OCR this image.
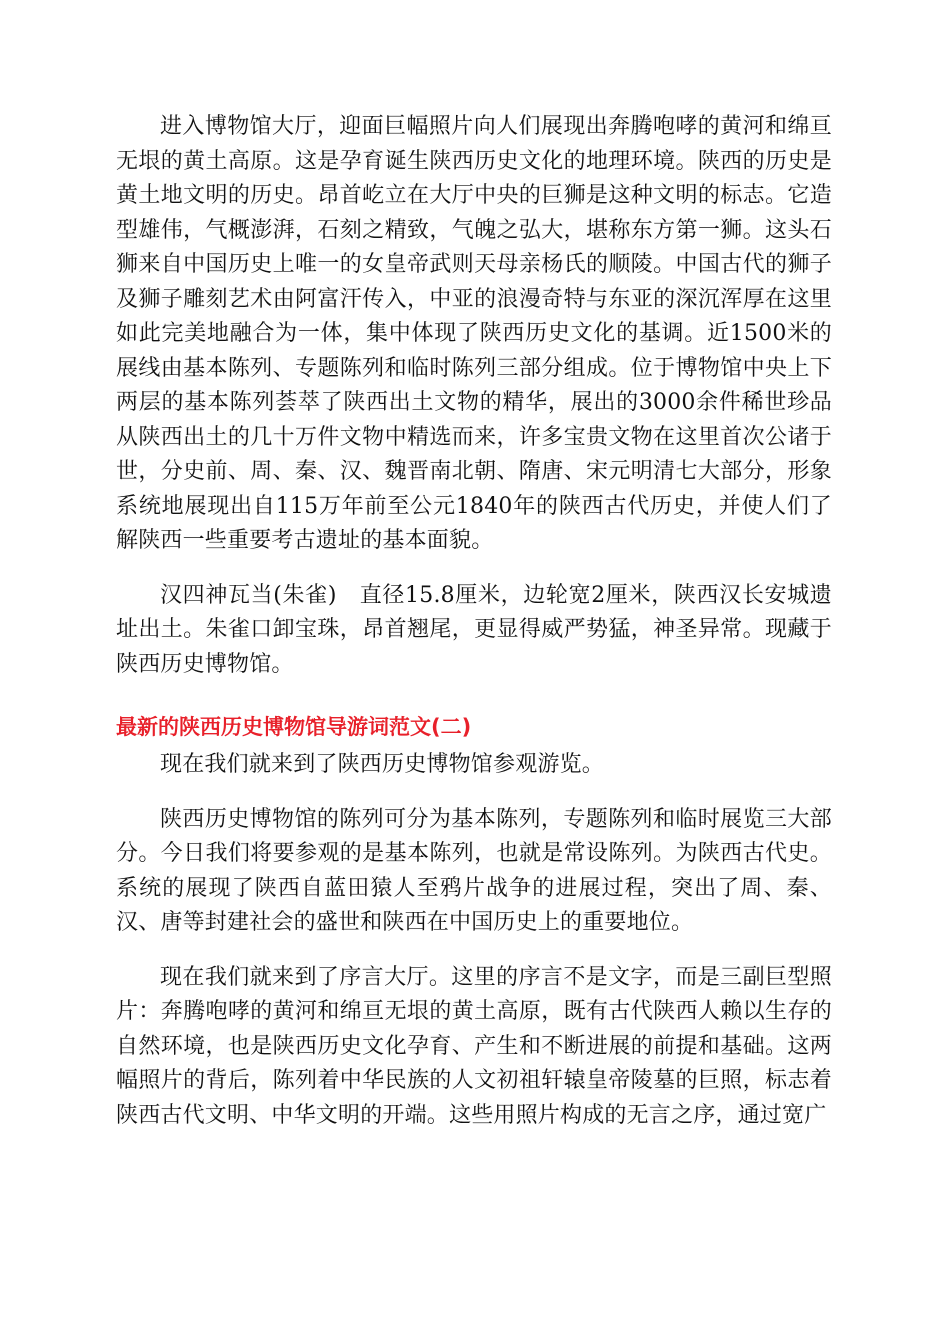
进入博物馆大厅，迎面巨幅照片向人们展现出奔腾咆哮的黄河和绵亘无垠的黄土高原。这是孕育诞生陕西历史文化的地理环境。陕西的历史是黄土地文明的历史。昂首屹立在大厅中央的巨狮是这种文明的标志。它造型雄伟，气概澎湃，石刻之精致，气魄之弘大，堪称东方第一狮。这头石狮来自中国历史上唯一的女皇帝武则天母亲杨氏的顺陵。中国古代的狮子及狮子雕刻艺术由阿富汗传入，中亚的浪漫奇特与东亚的深沉浑厚在这里如此完美地融合为一体，集中体现了陕西历史文化的基调。近1500米的展线由基本陈列、专题陈列和临时陈列三部分组成。位于博物馆中央上下两层的基本陈列荟萃了陕西出土文物的精华，展出的3000余件稀世珍品从陕西出土的几十万件文物中精选而来，许多宝贵文物在这里首次公诸于世，分史前、周、秦、汉、魏晋南北朝、隋唐、宋元明清七大部分，形象系统地展现出自115万年前至公元1840年的陕西古代历史，并使人们了解陕西一些重要考古遗址的基本面貌。

汉四神瓦当(朱雀)　直径15.8厘米，边轮宽2厘米，陕西汉长安城遗址出土。朱雀口卸宝珠，昂首翘尾，更显得威严势猛，神圣异常。现藏于陕西历史博物馆。

最新的陕西历史博物馆导游词范文(二)

现在我们就来到了陕西历史博物馆参观游览。

陕西历史博物馆的陈列可分为基本陈列，专题陈列和临时展览三大部分。今日我们将要参观的是基本陈列，也就是常设陈列。为陕西古代史。系统的展现了陕西自蓝田猿人至鸦片战争的进展过程，突出了周、秦、汉、唐等封建社会的盛世和陕西在中国历史上的重要地位。

现在我们就来到了序言大厅。这里的序言不是文字，而是三副巨型照片：奔腾咆哮的黄河和绵亘无垠的黄土高原，既有古代陕西人赖以生存的自然环境，也是陕西历史文化孕育、产生和不断进展的前提和基础。这两幅照片的背后，陈列着中华民族的人文初祖轩辕皇帝陵墓的巨照，标志着陕西古代文明、中华文明的开端。这些用照片构成的无言之序，通过宽广
